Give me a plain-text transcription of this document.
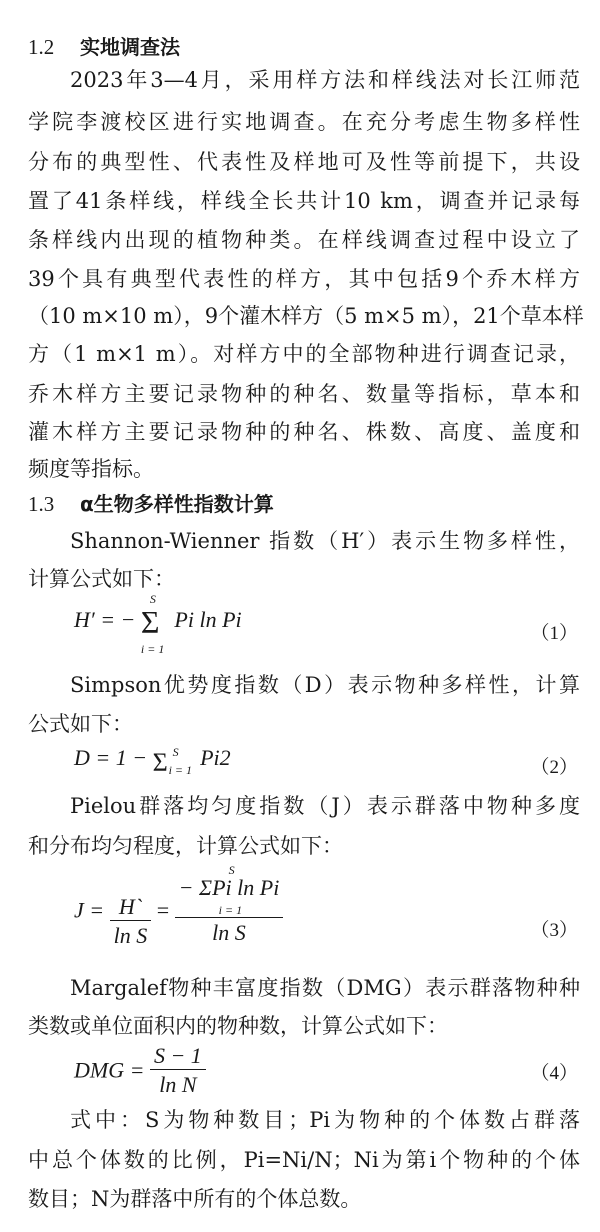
1.2 实地调查法
2023年3—4月，采用样方法和样线法对长江师范
学院李渡校区进行实地调查。在充分考虑生物多样性
分布的典型性、代表性及样地可及性等前提下，共设
置了41条样线，样线全长共计10 km，调查并记录每
条样线内出现的植物种类。在样线调查过程中设立了
39个具有典型代表性的样方，其中包括9个乔木样方
（10 m×10 m），9个灌木样方（5 m×5 m），21个草本样
方（1 m×1 m）。对样方中的全部物种进行调查记录，
乔木样方主要记录物种的种名、数量等指标，草本和
灌木样方主要记录物种的种名、株数、高度、盖度和
频度等指标。
1.3 α生物多样性指数计算
Shannon-Wienner 指数（H′）表示生物多样性，
计算公式如下：
H′ = − Σ
S
i = 1
Pi ln Pi
（1）
Simpson优势度指数（D）表示物种多样性，计算
公式如下：
D = 1 − Σ S
i = 1 Pi2	（2）
Pielou群落均匀度指数（J）表示群落中物种多度
和分布均匀程度，计算公式如下：
$J = \frac{H`}{\text{ln S}}$ = − ΣPi ln Pi
S
i = 1
ln S	（3）
Margalef物种丰富度指数（DMG）表示群落物种种
类数或单位面积内的物种数，计算公式如下：
DMG = $\frac{S - 1}{\text{ln N}}$	（4）
式中：S为物种数目；Pi为物种的个体数占群落
中总个体数的比例，Pi=Ni/N；Ni为第i个物种的个体
数目；N为群落中所有的个体总数。
